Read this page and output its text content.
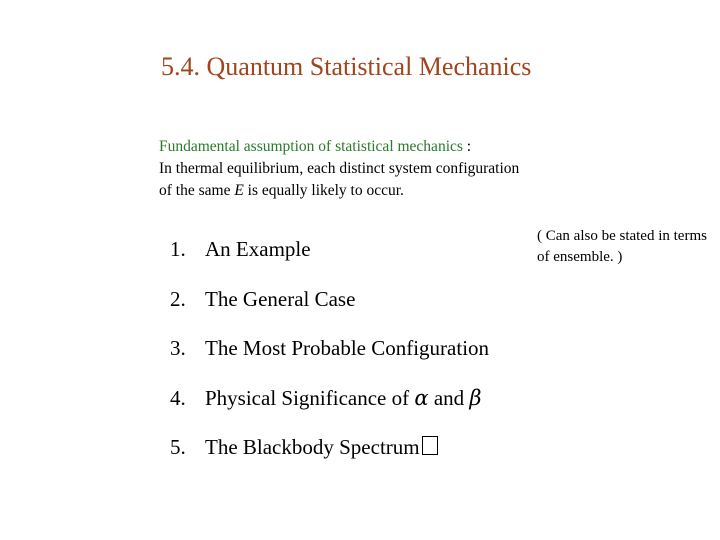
5.4. Quantum Statistical Mechanics
Fundamental assumption of statistical mechanics :
In thermal equilibrium, each distinct system configuration
of the same E is equally likely to occur.
( Can also be stated in terms of ensemble. )
1. An Example
2. The General Case
3. The Most Probable Configuration
4. Physical Significance of α and β
5. The Blackbody Spectrum
